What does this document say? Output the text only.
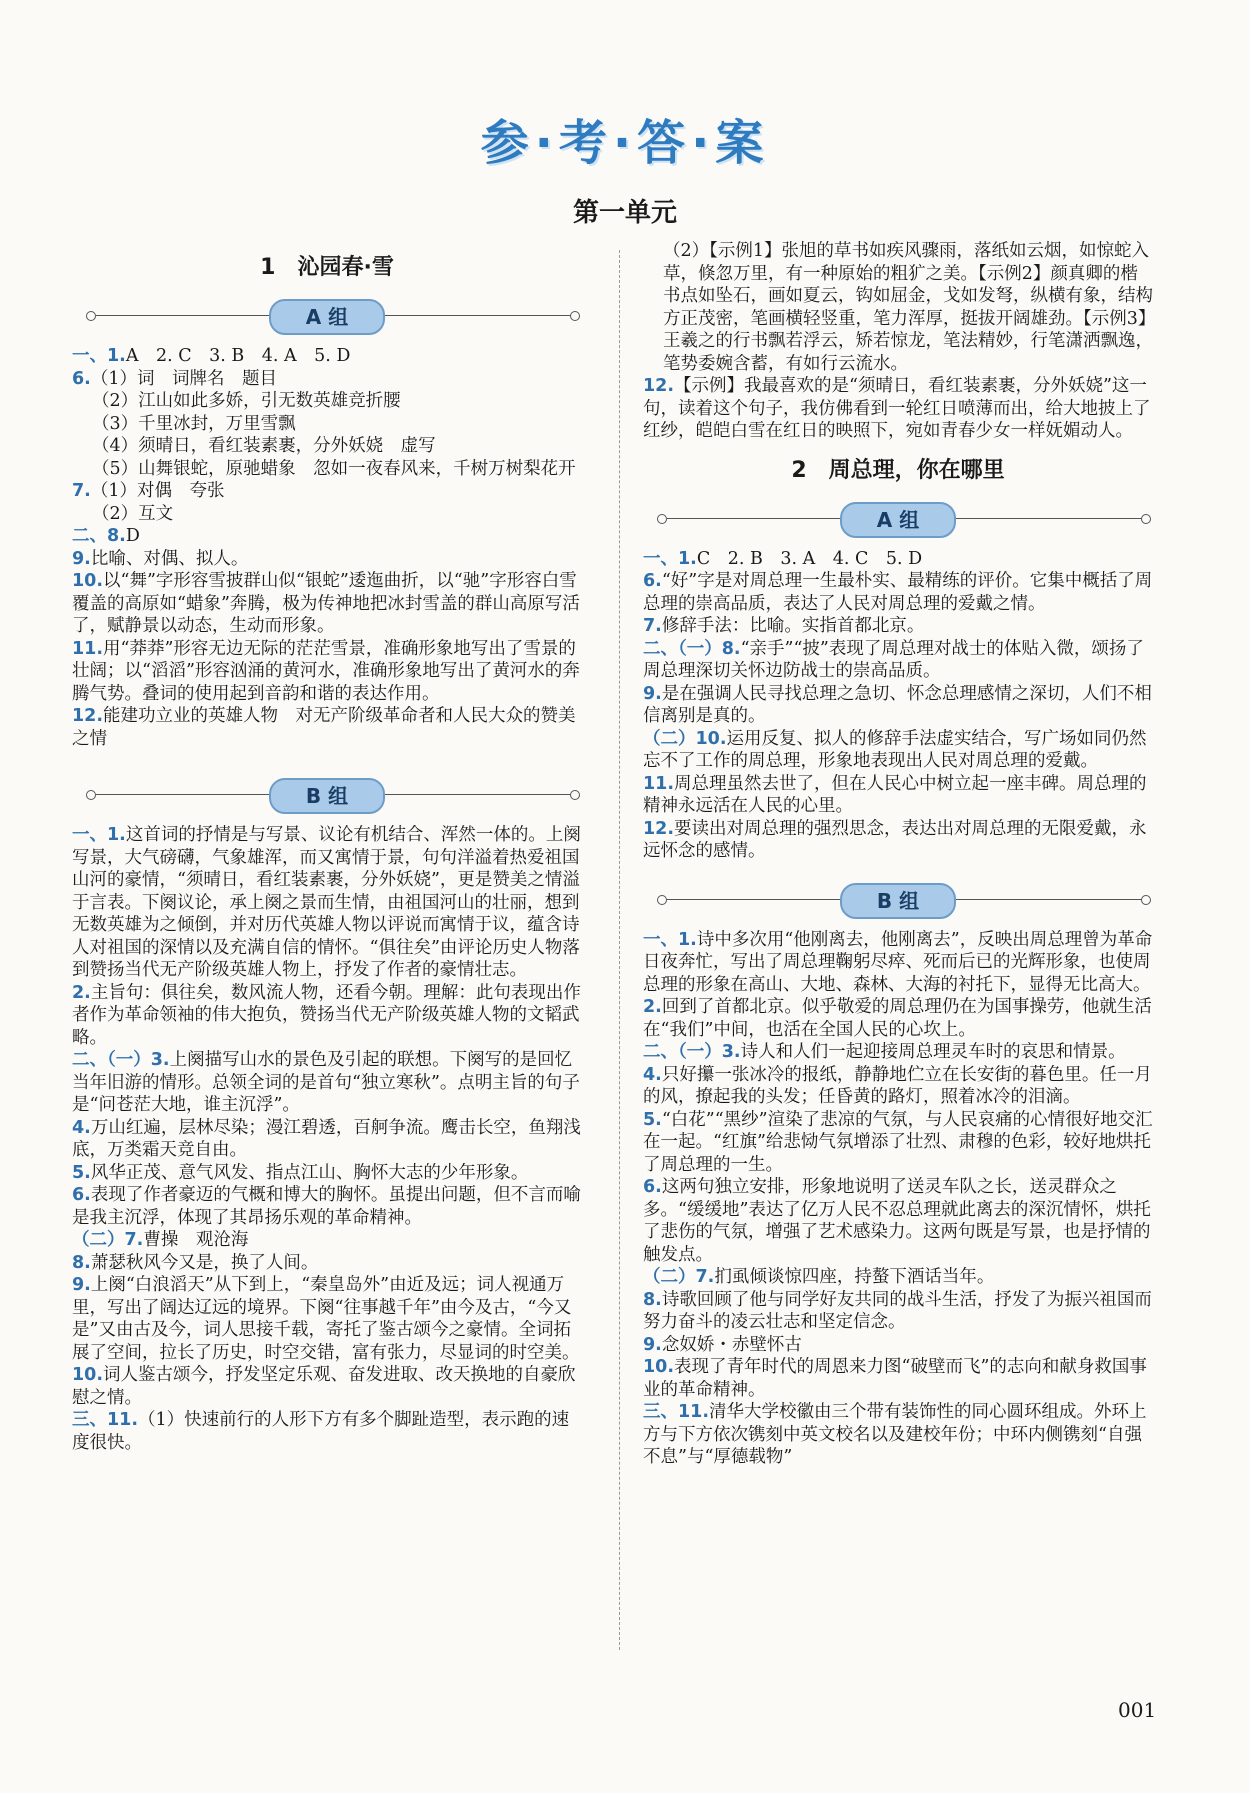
参·考·答·案
第一单元
1　沁园春·雪
A 组

一、1.A　2. C　3. B　4. A　5. D

6.（1）词　词牌名　题目

（2）江山如此多娇，引无数英雄竞折腰

（3）千里冰封，万里雪飘

（4）须晴日，看红装素裹，分外妖娆　虚写

（5）山舞银蛇，原驰蜡象　忽如一夜春风来，千树万树梨花开

7.（1）对偶　夸张

（2）互文

二、8.D

9.比喻、对偶、拟人。

10.以“舞”字形容雪披群山似“银蛇”逶迤曲折，以“驰”字形容白雪覆盖的高原如“蜡象”奔腾，极为传神地把冰封雪盖的群山高原写活了，赋静景以动态，生动而形象。

11.用“莽莽”形容无边无际的茫茫雪景，准确形象地写出了雪景的壮阔；以“滔滔”形容汹涌的黄河水，准确形象地写出了黄河水的奔腾气势。叠词的使用起到音韵和谐的表达作用。

12.能建功立业的英雄人物　对无产阶级革命者和人民大众的赞美之情

B 组

一、1.这首词的抒情是与写景、议论有机结合、浑然一体的。上阕写景，大气磅礴，气象雄浑，而又寓情于景，句句洋溢着热爱祖国山河的豪情，“须晴日，看红装素裹，分外妖娆”，更是赞美之情溢于言表。下阕议论，承上阕之景而生情，由祖国河山的壮丽，想到无数英雄为之倾倒，并对历代英雄人物以评说而寓情于议，蕴含诗人对祖国的深情以及充满自信的情怀。“俱往矣”由评论历史人物落到赞扬当代无产阶级英雄人物上，抒发了作者的豪情壮志。

2.主旨句：俱往矣，数风流人物，还看今朝。理解：此句表现出作者作为革命领袖的伟大抱负，赞扬当代无产阶级英雄人物的文韬武略。

二、（一）3.上阕描写山水的景色及引起的联想。下阕写的是回忆当年旧游的情形。总领全词的是首句“独立寒秋”。点明主旨的句子是“问苍茫大地，谁主沉浮”。

4.万山红遍，层林尽染；漫江碧透，百舸争流。鹰击长空，鱼翔浅底，万类霜天竞自由。

5.风华正茂、意气风发、指点江山、胸怀大志的少年形象。

6.表现了作者豪迈的气概和博大的胸怀。虽提出问题，但不言而喻是我主沉浮，体现了其昂扬乐观的革命精神。

（二）7.曹操　观沧海

8.萧瑟秋风今又是，换了人间。

9.上阕“白浪滔天”从下到上，“秦皇岛外”由近及远；词人视通万里，写出了阔达辽远的境界。下阕“往事越千年”由今及古，“今又是”又由古及今，词人思接千载，寄托了鉴古颂今之豪情。全词拓展了空间，拉长了历史，时空交错，富有张力，尽显词的时空美。

10.词人鉴古颂今，抒发坚定乐观、奋发进取、改天换地的自豪欣慰之情。

三、11.（1）快速前行的人形下方有多个脚趾造型，表示跑的速度很快。

（2）【示例1】张旭的草书如疾风骤雨，落纸如云烟，如惊蛇入草，倏忽万里，有一种原始的粗犷之美。【示例2】颜真卿的楷书点如坠石，画如夏云，钩如屈金，戈如发弩，纵横有象，结构方正茂密，笔画横轻竖重，笔力浑厚，挺拔开阔雄劲。【示例3】王羲之的行书飘若浮云，矫若惊龙，笔法精妙，行笔潇洒飘逸，笔势委婉含蓄，有如行云流水。

12.【示例】我最喜欢的是“须晴日，看红装素裹，分外妖娆”这一句，读着这个句子，我仿佛看到一轮红日喷薄而出，给大地披上了红纱，皑皑白雪在红日的映照下，宛如青春少女一样妩媚动人。

2　周总理，你在哪里
A 组

一、1.C　2. B　3. A　4. C　5. D

6.“好”字是对周总理一生最朴实、最精练的评价。它集中概括了周总理的崇高品质，表达了人民对周总理的爱戴之情。

7.修辞手法：比喻。实指首都北京。

二、（一）8.“亲手”“披”表现了周总理对战士的体贴入微，颂扬了周总理深切关怀边防战士的崇高品质。

9.是在强调人民寻找总理之急切、怀念总理感情之深切，人们不相信离别是真的。

（二）10.运用反复、拟人的修辞手法虚实结合，写广场如同仍然忘不了工作的周总理，形象地表现出人民对周总理的爱戴。

11.周总理虽然去世了，但在人民心中树立起一座丰碑。周总理的精神永远活在人民的心里。

12.要读出对周总理的强烈思念，表达出对周总理的无限爱戴，永远怀念的感情。

B 组

一、1.诗中多次用“他刚离去，他刚离去”，反映出周总理曾为革命日夜奔忙，写出了周总理鞠躬尽瘁、死而后已的光辉形象，也使周总理的形象在高山、大地、森林、大海的衬托下，显得无比高大。

2.回到了首都北京。似乎敬爱的周总理仍在为国事操劳，他就生活在“我们”中间，也活在全国人民的心坎上。

二、（一）3.诗人和人们一起迎接周总理灵车时的哀思和情景。

4.只好攥一张冰冷的报纸，静静地伫立在长安街的暮色里。任一月的风，撩起我的头发；任昏黄的路灯，照着冰冷的泪滴。

5.“白花”“黑纱”渲染了悲凉的气氛，与人民哀痛的心情很好地交汇在一起。“红旗”给悲恸气氛增添了壮烈、肃穆的色彩，较好地烘托了周总理的一生。

6.这两句独立安排，形象地说明了送灵车队之长，送灵群众之多。“缓缓地”表达了亿万人民不忍总理就此离去的深沉情怀，烘托了悲伤的气氛，增强了艺术感染力。这两句既是写景，也是抒情的触发点。

（二）7.扪虱倾谈惊四座，持螯下酒话当年。

8.诗歌回顾了他与同学好友共同的战斗生活，抒发了为振兴祖国而努力奋斗的凌云壮志和坚定信念。

9.念奴娇・赤壁怀古

10.表现了青年时代的周恩来力图“破壁而飞”的志向和献身救国事业的革命精神。

三、11.清华大学校徽由三个带有装饰性的同心圆环组成。外环上方与下方依次镌刻中英文校名以及建校年份；中环内侧镌刻“自强不息”与“厚德载物”

001
